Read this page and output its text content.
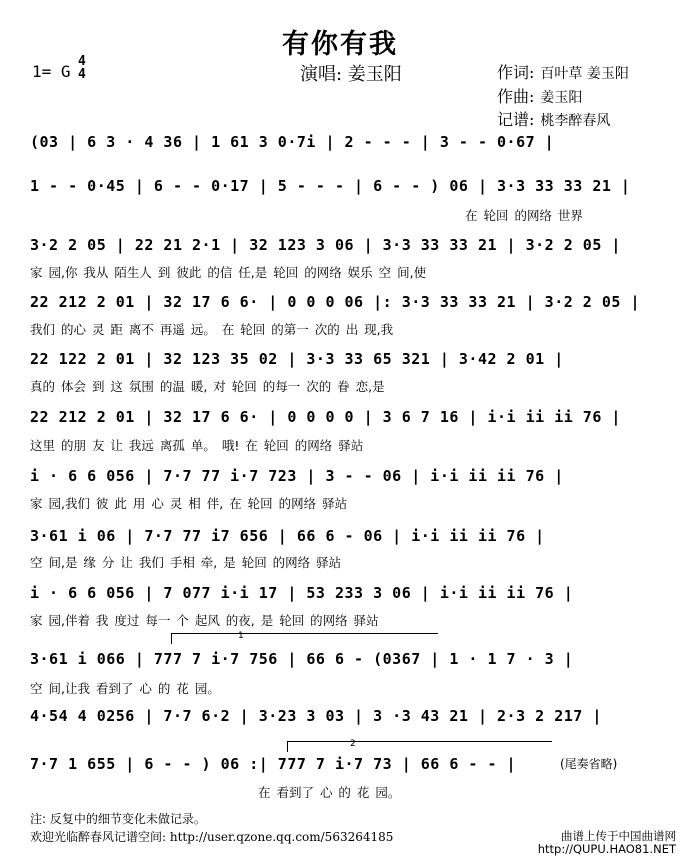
有你有我
1= G
4
4	演唱: 姜玉阳	作词: 百叶草 姜玉阳
作曲: 姜玉阳
记谱: 桃李醉春风
(03 | 6 3 · 4 36 | 1 61 3 0·7i | 2 - - - | 3 - - 0·67 |
1 - - 0·45 | 6 - - 0·17 | 5 - - - | 6 - - ) 06 | 3·3 33 33 21 |
在 轮回 的网络 世界
3·2 2 05 | 22 21 2·1 | 32 123 3 06 | 3·3 33 33 21 | 3·2 2 05 |
家 园,你 我从 陌生人 到 彼此 的信 任,是 轮回 的网络 娱乐 空 间,使
22 212 2 01 | 32 17 6 6· | 0 0 0 06 |: 3·3 33 33 21 | 3·2 2 05 |
我们 的心 灵 距 离不 再遥 远。 在 轮回 的第一 次的 出 现,我
22 122 2 01 | 32 123 35 02 | 3·3 33 65 321 | 3·42 2 01 |
真的 体会 到 这 氛围 的温 暖, 对 轮回 的每一 次的 眷 恋,是
22 212 2 01 | 32 17 6 6· | 0 0 0 0 | 3 6 7 16 | i·i ii ii 76 |
这里 的朋 友 让 我远 离孤 单。 哦! 在 轮回 的网络 驿站
i · 6 6 056 | 7·7 77 i·7 723 | 3 - - 06 | i·i ii ii 76 |
家 园,我们 彼 此 用 心 灵 相 伴, 在 轮回 的网络 驿站
3·61 i 06 | 7·7 77 i7 656 | 66 6 - 06 | i·i ii ii 76 |
空 间,是 缘 分 让 我们 手相 牵, 是 轮回 的网络 驿站
i · 6 6 056 | 7 077 i·i 17 | 53 233 3 06 | i·i ii ii 76 |
家 园,伴着 我 度过 每一 个 起风 的夜, 是 轮回 的网络 驿站
1
3·61 i 066 | 777 7 i·7 756 | 66 6 - (0367 | 1 · 1 7 · 3 |
空 间,让我 看到了 心 的 花 园。
4·54 4 0256 | 7·7 6·2 | 3·23 3 03 | 3 ·3 43 21 | 2·3 2 217 |
2
7·7 1 655 | 6 - - ) 06 :| 777 7 i·7 73 | 66 6 - - |
在 看到了 心 的 花 园。
(尾奏省略)
注: 反复中的细节变化未做记录。
欢迎光临醉春风记谱空间: http://user.qzone.qq.com/563264185	曲谱上传于中国曲谱网
http://QUPU.HAO81.NET
